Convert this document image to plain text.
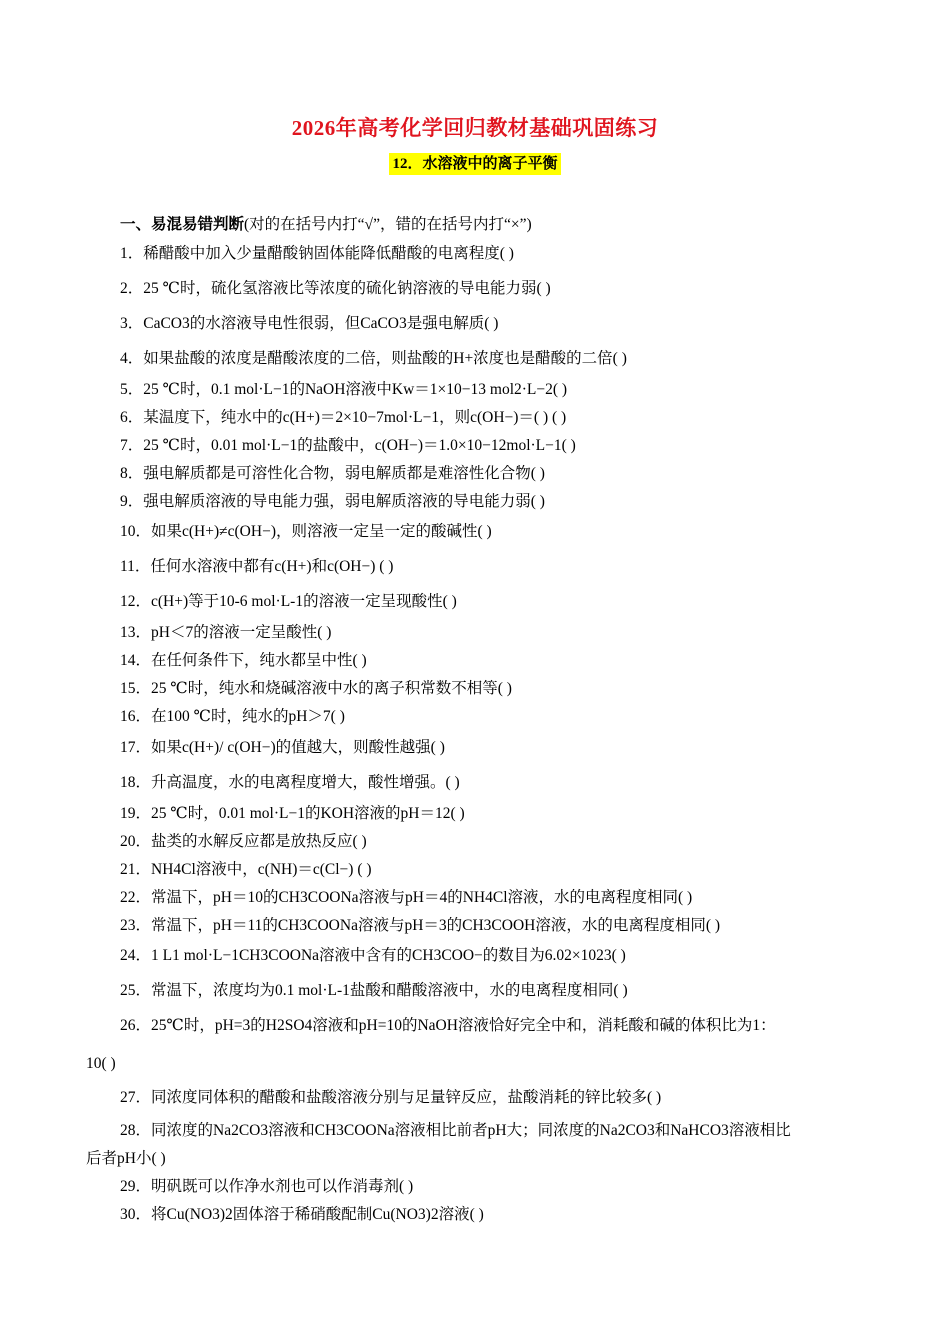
2026年高考化学回归教材基础巩固练习
12．水溶液中的离子平衡
一、易混易错判断(对的在括号内打“√”，错的在括号内打“×”)
1．稀醋酸中加入少量醋酸钠固体能降低醋酸的电离程度( )
2．25 ℃时，硫化氢溶液比等浓度的硫化钠溶液的导电能力弱( )
3．CaCO3的水溶液导电性很弱，但CaCO3是强电解质( )
4．如果盐酸的浓度是醋酸浓度的二倍，则盐酸的H+浓度也是醋酸的二倍( )
5．25 ℃时，0.1 mol·L−1的NaOH溶液中Kw＝1×10−13 mol2·L−2( )
6．某温度下，纯水中的c(H+)＝2×10−7mol·L−1，则c(OH−)＝( ) ( )
7．25 ℃时，0.01 mol·L−1的盐酸中，c(OH−)＝1.0×10−12mol·L−1( )
8．强电解质都是可溶性化合物，弱电解质都是难溶性化合物( )
9．强电解质溶液的导电能力强，弱电解质溶液的导电能力弱( )
10．如果c(H+)≠c(OH−)，则溶液一定呈一定的酸碱性( )
11．任何水溶液中都有c(H+)和c(OH−) ( )
12．c(H+)等于10-6 mol·L-1的溶液一定呈现酸性( )
13．pH＜7的溶液一定呈酸性( )
14．在任何条件下，纯水都呈中性( )
15．25 ℃时，纯水和烧碱溶液中水的离子积常数不相等( )
16．在100 ℃时，纯水的pH＞7( )
17．如果c(H+)/ c(OH−)的值越大，则酸性越强( )
18．升高温度，水的电离程度增大，酸性增强。( )
19．25 ℃时，0.01 mol·L−1的KOH溶液的pH＝12( )
20．盐类的水解反应都是放热反应( )
21．NH4Cl溶液中，c(NH)＝c(Cl−) ( )
22．常温下，pH＝10的CH3COONa溶液与pH＝4的NH4Cl溶液，水的电离程度相同( )
23．常温下，pH＝11的CH3COONa溶液与pH＝3的CH3COOH溶液，水的电离程度相同( )
24．1 L1 mol·L−1CH3COONa溶液中含有的CH3COO−的数目为6.02×1023( )
25．常温下，浓度均为0.1 mol·L-1盐酸和醋酸溶液中，水的电离程度相同( )
26．25℃时，pH=3的H2SO4溶液和pH=10的NaOH溶液恰好完全中和，消耗酸和碱的体积比为1：
10( )
27．同浓度同体积的醋酸和盐酸溶液分别与足量锌反应，盐酸消耗的锌比较多( )
28．同浓度的Na2CO3溶液和CH3COONa溶液相比前者pH大；同浓度的Na2CO3和NaHCO3溶液相比
后者pH小( )
29．明矾既可以作净水剂也可以作消毒剂( )
30．将Cu(NO3)2固体溶于稀硝酸配制Cu(NO3)2溶液( )
